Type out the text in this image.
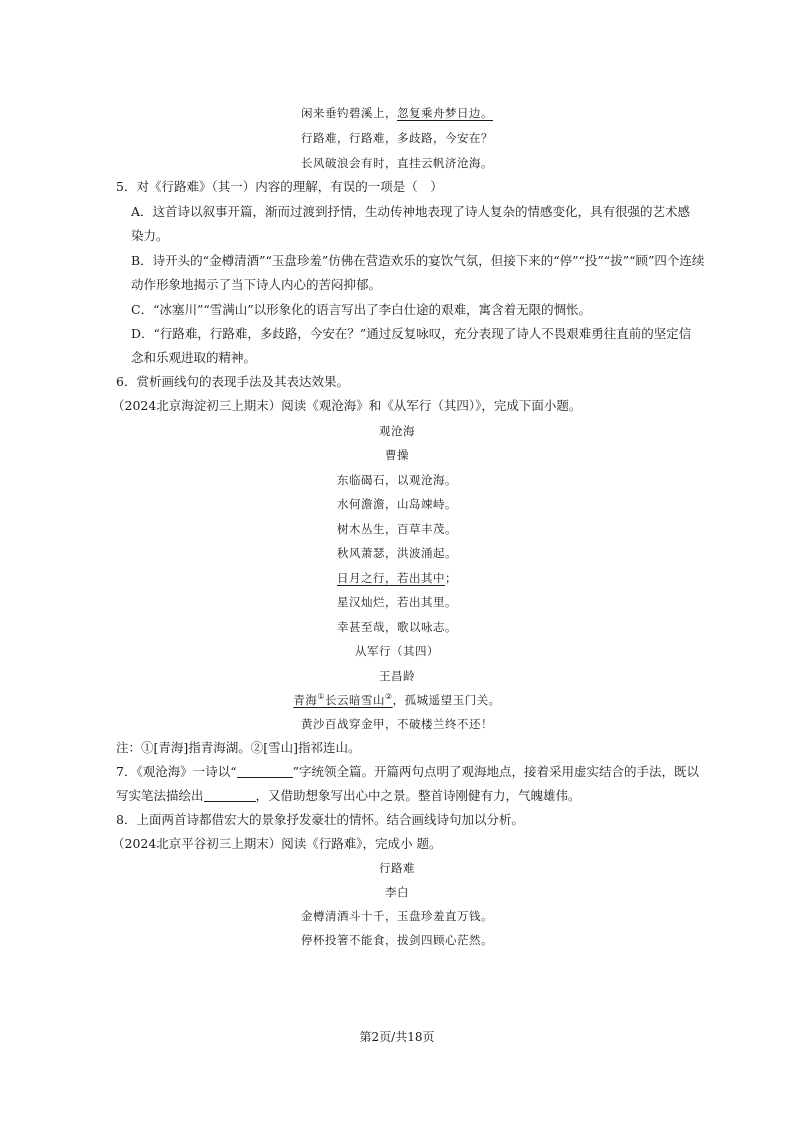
闲来垂钓碧溪上，忽复乘舟梦日边。
行路难，行路难，多歧路，今安在？
长风破浪会有时，直挂云帆济沧海。
5．对《行路难》（其一）内容的理解，有误的一项是（　）
A．这首诗以叙事开篇，渐而过渡到抒情，生动传神地表现了诗人复杂的情感变化，具有很强的艺术感
染力。
B．诗开头的“金樽清酒”“玉盘珍羞”仿佛在营造欢乐的宴饮气氛，但接下来的“停”“投”“拔”“顾”四个连续
动作形象地揭示了当下诗人内心的苦闷抑郁。
C．“冰塞川”“雪满山”以形象化的语言写出了李白仕途的艰难，寓含着无限的惆怅。
D．“行路难，行路难，多歧路，今安在？”通过反复咏叹，充分表现了诗人不畏艰难勇往直前的坚定信
念和乐观进取的精神。
6．赏析画线句的表现手法及其表达效果。
（2024北京海淀初三上期末）阅读《观沧海》和《从军行（其四）》，完成下面小题。
观沧海
曹操
东临碣石，以观沧海。
水何澹澹，山岛竦峙。
树木丛生，百草丰茂。
秋风萧瑟，洪波涌起。
日月之行，若出其中；
星汉灿烂，若出其里。
幸甚至哉，歌以咏志。
从军行（其四）
王昌龄
青海①长云暗雪山②，孤城遥望玉门关。
黄沙百战穿金甲，不破楼兰终不还！
注：①[青海]指青海湖。②[雪山]指祁连山。
7．《观沧海》一诗以“	”字统领全篇。开篇两句点明了观海地点，接着采用虚实结合的手法，既以
写实笔法描绘出	，又借助想象写出心中之景。整首诗刚健有力，气魄雄伟。
8．上面两首诗都借宏大的景象抒发豪壮的情怀。结合画线诗句加以分析。
（2024北京平谷初三上期末）阅读《行路难》，完成小 题。
行路难
李白
金樽清酒斗十千，玉盘珍羞直万钱。
停杯投箸不能食，拔剑四顾心茫然。
第2页/共18页
